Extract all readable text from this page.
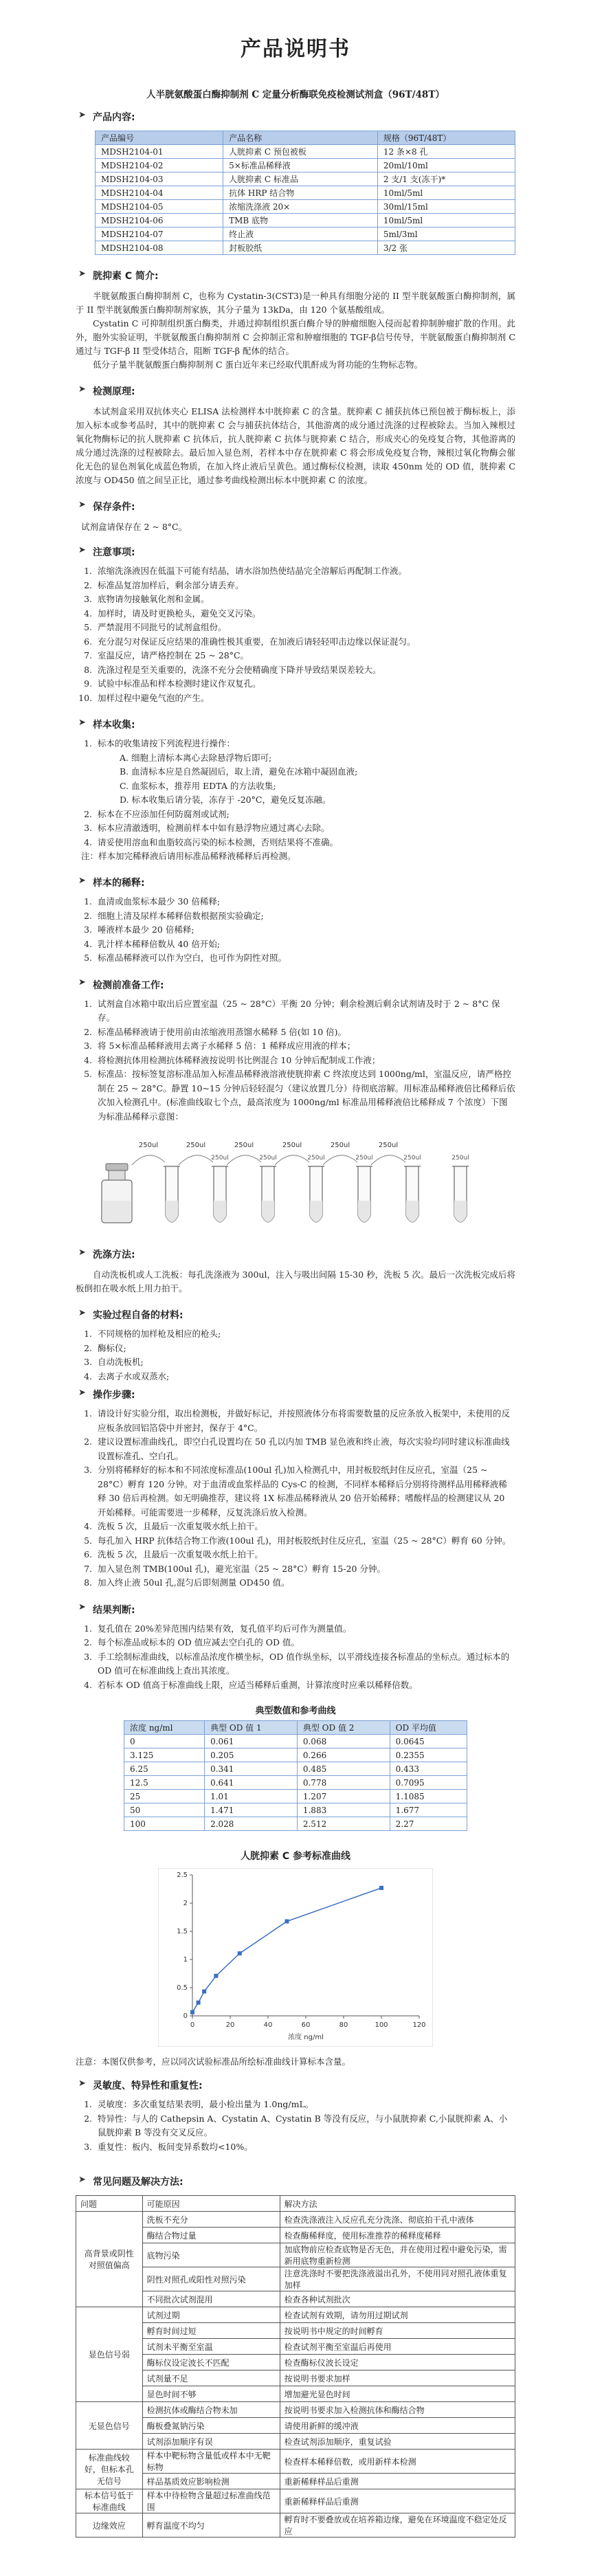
产品说明书
人半胱氨酸蛋白酶抑制剂 C 定量分析酶联免疫检测试剂盒（96T/48T）
➤
产品内容:
产品编号	产品名称	规格（96T/48T）
MDSH2104-01	人胱抑素 C 预包被板	12 条×8 孔
MDSH2104-02	5×标准品稀释液	20ml/10ml
MDSH2104-03	人胱抑素 C 标准品	2 支/1 支(冻干)*
MDSH2104-04	抗体 HRP 结合物	10ml/5ml
MDSH2104-05	浓缩洗涤液 20×	30ml/15ml
MDSH2104-06	TMB 底物	10ml/5ml
MDSH2104-07	终止液	5ml/3ml
MDSH2104-08	封板胶纸	3/2 张
➤
胱抑素 C 简介:

半胱氨酸蛋白酶抑制剂 C，也称为 Cystatin-3(CST3)是一种具有细胞分泌的 II 型半胱氨酸蛋白酶抑制剂，属于 II 型半胱氨酸蛋白酶抑制剂家族，其分子量为 13kDa，由 120 个氨基酸组成。

Cystatin C 可抑制组织蛋白酶类，并通过抑制组织蛋白酶介导的肿瘤细胞入侵而起着抑制肿瘤扩散的作用。此外，胞外实验证明，半胱氨酸蛋白酶抑制剂 C 会抑制正常和肿瘤细胞的 TGF-β信号传导，半胱氨酸蛋白酶抑制剂 C 通过与 TGF-β II 型受体结合，阻断 TGF-β 配体的结合。

低分子量半胱氨酸蛋白酶抑制剂 C 蛋白近年来已经取代肌酐成为肾功能的生物标志物。

➤
检测原理:

本试剂盒采用双抗体夹心 ELISA 法检测样本中胱抑素 C 的含量。胱抑素 C 捕获抗体已预包被于酶标板上，添加入标本或参考品时，其中的胱抑素 C 会与捕获抗体结合，其他游离的成分通过洗涤的过程被除去。当加入辣根过氧化物酶标记的抗人胱抑素 C 抗体后，抗人胱抑素 C 抗体与胱抑素 C 结合，形成夹心的免疫复合物，其他游离的成分通过洗涤的过程被除去。最后加入显色剂，若样本中存在胱抑素 C 将会形成免疫复合物，辣根过氧化物酶会催化无色的显色剂氧化成蓝色物质，在加入终止液后呈黄色。通过酶标仪检测，读取 450nm 处的 OD 值，胱抑素 C 浓度与 OD450 值之间呈正比，通过参考曲线检测出标本中胱抑素 C 的浓度。

➤
保存条件:

试剂盒请保存在 2 ~ 8°C。

➤
注意事项:
1. 浓缩洗涤液因在低温下可能有结晶，请水浴加热使结晶完全溶解后再配制工作液。
2. 标准品复溶加样后，剩余部分请丢弃。
3. 底物请勿接触氧化剂和金属。
4. 加样时，请及时更换枪头，避免交叉污染。
5. 严禁混用不同批号的试剂盒组份。
6. 充分混匀对保证反应结果的准确性极其重要，在加液后请轻轻叩击边缘以保证混匀。
7. 室温反应，请严格控制在 25 ~ 28°C。
8. 洗涤过程是至关重要的，洗涤不充分会使精确度下降并导致结果误差较大。
9. 试验中标准品和样本检测时建议作双复孔。
10. 加样过程中避免气泡的产生。
➤
样本收集:
1. 标本的收集请按下列流程进行操作：
A. 细胞上清标本离心去除悬浮物后即可;
B. 血清标本应是自然凝固后，取上清，避免在冰箱中凝固血液;
C. 血浆标本，推荐用 EDTA 的方法收集;
D. 标本收集后请分装，冻存于 -20°C，避免反复冻融。
2. 标本在不应添加任何防腐剂或试剂;
3. 标本应清澈透明，检测前样本中如有悬浮物应通过离心去除。
4. 请妥使用溶血和血脂较高污染的标本检测，否则结果将不准确。

注：样本加完稀释液后请用标准品稀释液稀释后再检测。

➤
样本的稀释:
1. 血清或血浆标本最少 30 倍稀释;
2. 细胞上清及尿样本稀释倍数根据预实验确定;
3. 唾液样本最少 20 倍稀释;
4. 乳汁样本稀释倍数从 40 倍开始;
5. 标准品稀释液可以作为空白，也可作为阴性对照。
➤
检测前准备工作:
1. 试剂盒自冰箱中取出后应置室温（25 ~ 28°C）平衡 20 分钟；剩余检测后剩余试剂请及时于 2 ~ 8°C 保存。
2. 标准品稀释液请于使用前由浓缩液用蒸馏水稀释 5 倍(如 10 倍)。
3. 将 5×标准品稀释液用去离子水稀释 5 倍：1 稀释成应用液的样本；
4. 将检测抗体用检测抗体稀释液按说明书比例混合 10 分钟后配制成工作液；
5. 标准品：按标签复溶标准品加入标准品稀释液溶液使胱抑素 C 终浓度达到 1000ng/ml，室温反应，请严格控制在 25 ~ 28°C。静置 10~15 分钟后轻轻混匀（建议放置几分）待彻底溶解。用标准品稀释液倍比稀释后依次加入检测孔中。(标准曲线取七个点，最高浓度为 1000ng/ml 标准品用稀释液倍比稀释成 7 个浓度）下图为标准品稀释示意图：
250ul	250ul	250ul	250ul	250ul	250ul
250ul	250ul	250ul	250ul	250ul	250ul
➤
洗涤方法:

自动洗板机或人工洗板：每孔洗涤液为 300ul，注入与吸出间隔 15-30 秒，洗板 5 次。最后一次洗板完成后将板倒扣在吸水纸上用力拍干。

➤
实验过程自备的材料:
1. 不同规格的加样枪及相应的枪头;
2. 酶标仪;
3. 自动洗板机;
4. 去离子水或双蒸水;
➤
操作步骤:
1. 请设计好实验分组，取出检测板，并做好标记，并按照液体分布将需要数量的反应条放入板架中，未使用的反应板条放回铝箔袋中并密封，保存于 4°C。
2. 建议设置标准曲线孔，即空白孔设置均在 50 孔以内加 TMB 显色液和终止液，每次实验均同时建议标准曲线设置标准孔、空白孔。
3. 分别将稀释好的标本和不同浓度标准品(100ul 孔)加入检测孔中，用封板胶纸封住反应孔，室温（25 ~ 28°C）孵育 120 分钟。对于血清或血浆样品的 Cys-C 的检测，不同样本稀释后分别将待测样品用稀释液稀释 30 倍后再检测。如无明确推荐，建议将 1X 标准品稀释液从 20 倍开始稀释；嗜酸样品的检测建议从 20 开始稀释。可能需要进一步稀释，反复洗涤后放入检测。
4. 洗板 5 次，且最后一次重复吸水纸上拍干。
5. 每孔加入 HRP 抗体结合物工作液(100ul 孔)，用封板胶纸封住反应孔，室温（25 ~ 28°C）孵育 60 分钟。
6. 洗板 5 次，且最后一次重复吸水纸上拍干。
7. 加入显色剂 TMB(100ul 孔)，避光室温（25 ~ 28°C）孵育 15-20 分钟。
8. 加入终止液 50ul 孔,混匀后即刻测量 OD450 值。
➤
结果判断:
1. 复孔值在 20%差异范围内结果有效，复孔值平均后可作为测量值。
2. 每个标准品或标本的 OD 值应减去空白孔的 OD 值。
3. 手工绘制标准曲线，以标准品浓度作横坐标，OD 值作纵坐标，以平滑线连接各标准品的坐标点。通过标本的 OD 值可在标准曲线上查出其浓度。
4. 若标本 OD 值高于标准曲线上限，应适当稀释后重测，计算浓度时应乘以稀释倍数。
典型数值和参考曲线
浓度 ng/ml	典型 OD 值 1	典型 OD 值 2	OD 平均值
0	0.061	0.068	0.0645
3.125	0.205	0.266	0.2355
6.25	0.341	0.485	0.433
12.5	0.641	0.778	0.7095
25	1.01	1.207	1.1085
50	1.471	1.883	1.677
100	2.028	2.512	2.27
人胱抑素 C 参考标准曲线
0	20	40	60	80	100	120
0
0.5
1
1.5
2
2.5
浓度 ng/ml

注意：本图仅供参考，应以同次试验标准品所绘标准曲线计算标本含量。

➤
灵敏度、特异性和重复性:
1. 灵敏度：多次重复结果表明，最小检出量为 1.0ng/mL。
2. 特异性：与人的 Cathepsin A、Cystatin A、Cystatin B 等没有反应，与小鼠胱抑素 C,小鼠胱抑素 A、小鼠胱抑素 B 等没有交叉反应。
3. 重复性：板内、板间变异系数均<10%。
➤
常见问题及解决方法:
问题	可能原因	解决方法
高背景或阴性对照值偏高	洗板不充分	检查洗涤液注入反应孔充分洗涤、彻底拍干孔中液体
	酶结合物过量	检查酶稀释度，使用标准推荐的稀释度稀释
	底物污染	加底物前应检查底物是否无色，并在使用过程中避免污染，需新用底物重新检测
	阴性对照孔或阳性对照污染	注意洗涤时不要把洗涤液溢出孔外，不使用同对照孔液体重复加样
	不同批次试剂混用	检查各种试剂批次
显色信号弱	试剂过期	检查试剂有效期，请勿用过期试剂
	孵育时间过短	按说明书中规定的时间孵育
	试剂未平衡至室温	检查试剂平衡至室温后再使用
	酶标仪设定波长不匹配	检查酶标仪波长设定
	试剂量不足	按说明书要求加样
	显色时间不够	增加避光显色时间
无显色信号	检测抗体或酶结合物未加	按说明书要求加入检测抗体和酶结合物
	酶板叠氮钠污染	请使用新鲜的缓冲液
	试剂添加顺序有误	检查试剂添加顺序，重复试验
标准曲线较好，但标本孔无信号	样本中靶标物含量低或样本中无靶标物	检查样本稀释倍数，或用新样本检测
	样品基质效应影响检测	重新稀释样品后重测
标本信号低于标准曲线	样本中待检物含量超过标准曲线范围	重新稀释样品后重测
边缘效应	孵育温度不均匀	孵育时不要叠放或在培养箱边缘，避免在环境温度不稳定处反应
